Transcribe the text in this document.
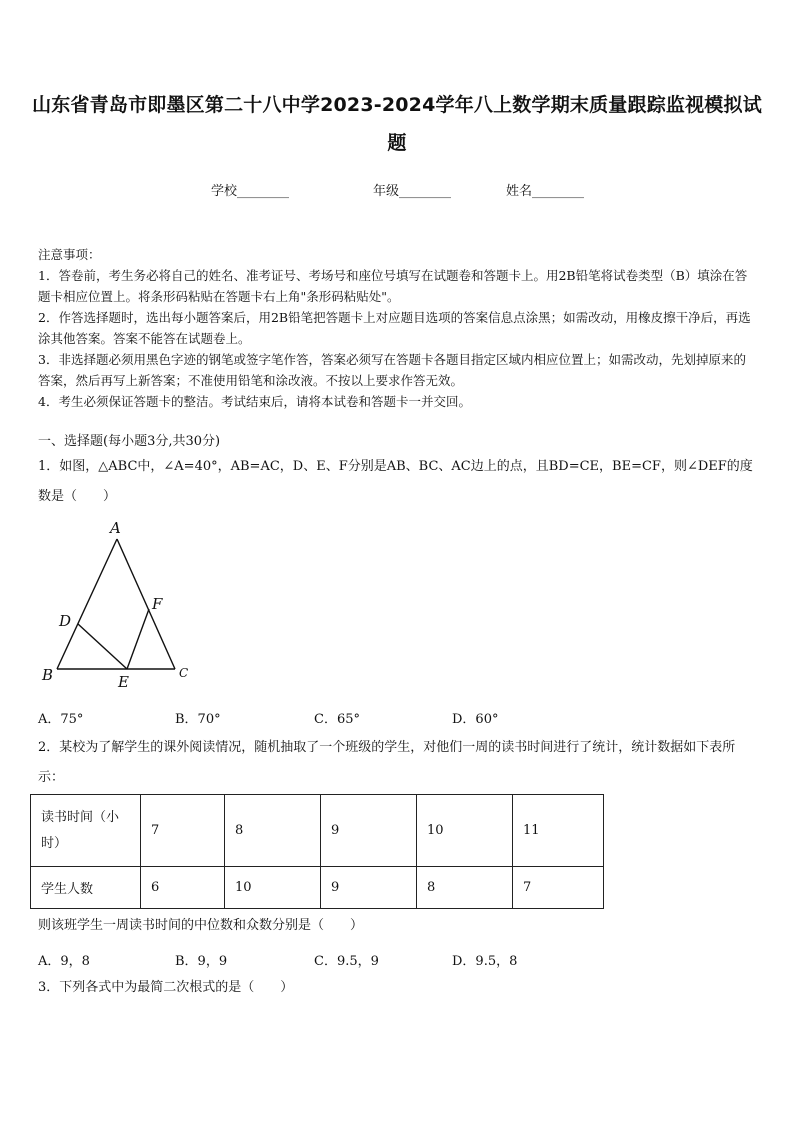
山东省青岛市即墨区第二十八中学2023-2024学年八上数学期末质量跟踪监视模拟试题
学校________	年级________	姓名________

注意事项：

1．答卷前，考生务必将自己的姓名、准考证号、考场号和座位号填写在试题卷和答题卡上。用2B铅笔将试卷类型（B）填涂在答题卡相应位置上。将条形码粘贴在答题卡右上角"条形码粘贴处"。

2．作答选择题时，选出每小题答案后，用2B铅笔把答题卡上对应题目选项的答案信息点涂黑；如需改动，用橡皮擦干净后，再选涂其他答案。答案不能答在试题卷上。

3．非选择题必须用黑色字迹的钢笔或签字笔作答，答案必须写在答题卡各题目指定区域内相应位置上；如需改动，先划掉原来的答案，然后再写上新答案；不准使用铅笔和涂改液。不按以上要求作答无效。

4．考生必须保证答题卡的整洁。考试结束后，请将本试卷和答题卡一并交回。

一、选择题(每小题3分,共30分)
1．如图，△ABC中，∠A=40°，AB=AC，D、E、F分别是AB、BC、AC边上的点，且BD=CE，BE=CF，则∠DEF的度数是（　　）
A
B	C
D
E
F
A．75°	B．70°	C．65°	D．60°
2．某校为了解学生的课外阅读情况，随机抽取了一个班级的学生，对他们一周的读书时间进行了统计，统计数据如下表所示：
读书时间（小时）	7	8	9	10	11
学生人数	6	10	9	8	7
则该班学生一周读书时间的中位数和众数分别是（　　）
A．9，8	B．9，9	C．9.5，9	D．9.5，8
3．下列各式中为最简二次根式的是（　　）
